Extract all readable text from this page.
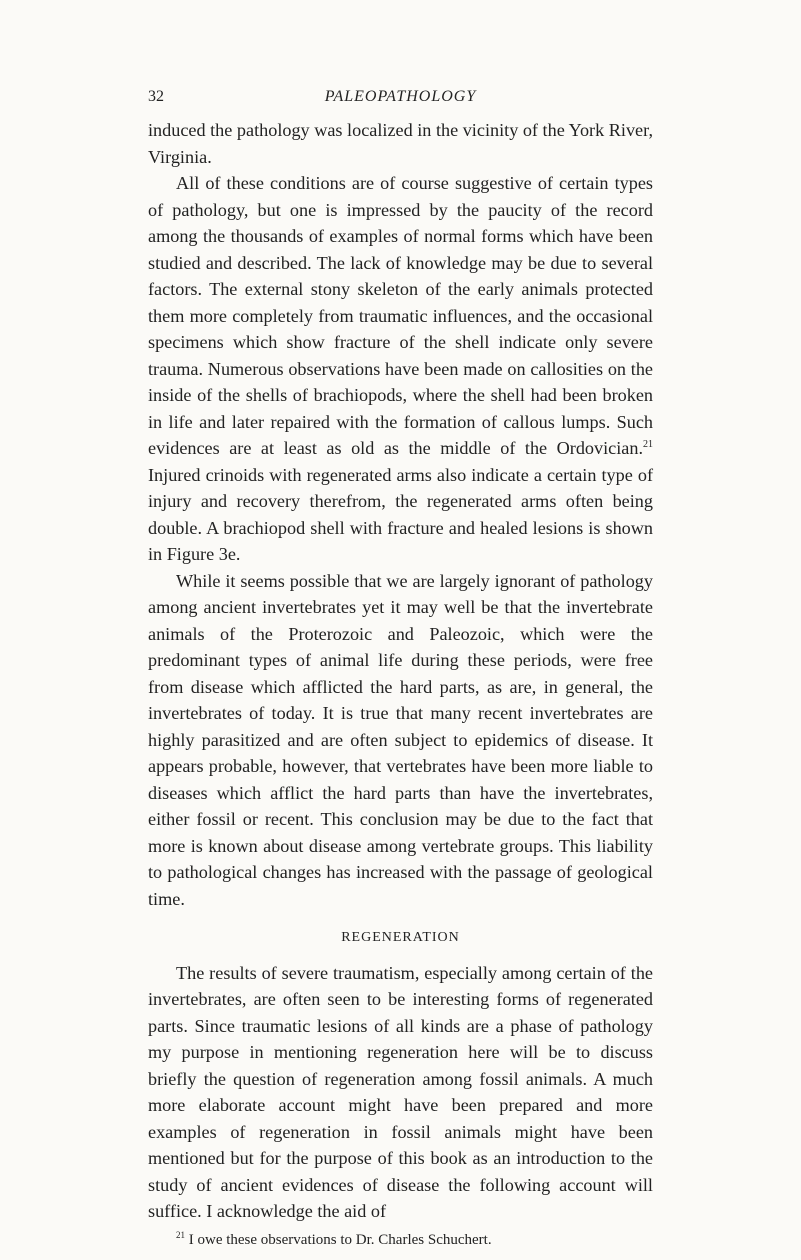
32	PALEOPATHOLOGY

induced the pathology was localized in the vicinity of the York River, Virginia.

All of these conditions are of course suggestive of certain types of pathology, but one is impressed by the paucity of the record among the thousands of examples of normal forms which have been studied and described. The lack of knowledge may be due to several factors. The external stony skeleton of the early animals protected them more completely from traumatic influences, and the occasional specimens which show fracture of the shell indicate only severe trauma. Numerous observations have been made on callosities on the inside of the shells of brachiopods, where the shell had been broken in life and later repaired with the formation of callous lumps. Such evidences are at least as old as the middle of the Ordovician.$^{21}$ Injured crinoids with regenerated arms also indicate a certain type of injury and recovery therefrom, the regenerated arms often being double. A brachiopod shell with fracture and healed lesions is shown in Figure 3e.

While it seems possible that we are largely ignorant of pathology among ancient invertebrates yet it may well be that the invertebrate animals of the Proterozoic and Paleozoic, which were the predominant types of animal life during these periods, were free from disease which afflicted the hard parts, as are, in general, the invertebrates of today. It is true that many recent invertebrates are highly parasitized and are often subject to epidemics of disease. It appears probable, however, that vertebrates have been more liable to diseases which afflict the hard parts than have the invertebrates, either fossil or recent. This conclusion may be due to the fact that more is known about disease among vertebrate groups. This liability to pathological changes has increased with the passage of geological time.

REGENERATION

The results of severe traumatism, especially among certain of the invertebrates, are often seen to be interesting forms of regenerated parts. Since traumatic lesions of all kinds are a phase of pathology my purpose in mentioning regeneration here will be to discuss briefly the question of regeneration among fossil animals. A much more elaborate account might have been prepared and more examples of regeneration in fossil animals might have been mentioned but for the purpose of this book as an introduction to the study of ancient evidences of disease the following account will suffice. I acknowledge the aid of

$^{21}$ I owe these observations to Dr. Charles Schuchert.
